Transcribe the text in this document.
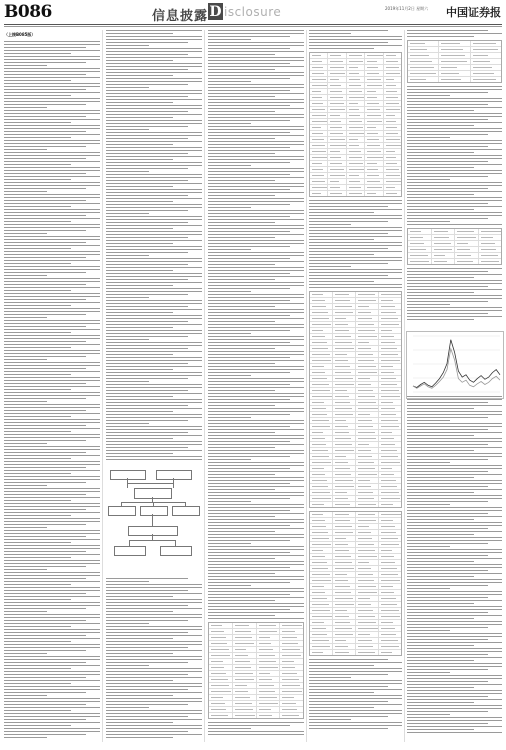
B086	信息披露 D isclosure	2019年11月2日 星期六 中国证券报
（上接B085版）
